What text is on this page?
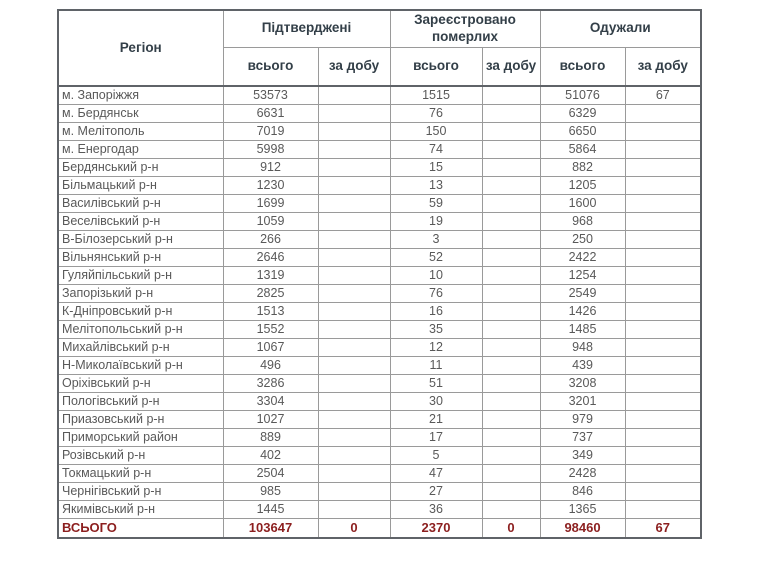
Регіон	Підтверджені		Зареєстровано померлих		Одужали	
	всього	за добу	всього	за добу	всього	за добу
м. Запоріжжя	53573		1515		51076	67
м. Бердянськ	6631		76		6329	
м. Мелітополь	7019		150		6650	
м. Енергодар	5998		74		5864	
Бердянський р-н	912		15		882	
Більмацький р-н	1230		13		1205	
Василівський р-н	1699		59		1600	
Веселівський р-н	1059		19		968	
В-Білозерський р-н	266		3		250	
Вільнянський р-н	2646		52		2422	
Гуляйпільський р-н	1319		10		1254	
Запорізький р-н	2825		76		2549	
К-Дніпровський р-н	1513		16		1426	
Мелітопольський р-н	1552		35		1485	
Михайлівський р-н	1067		12		948	
Н-Миколаївський р-н	496		11		439	
Оріхівський р-н	3286		51		3208	
Пологівський р-н	3304		30		3201	
Приазовський р-н	1027		21		979	
Приморський район	889		17		737	
Розівський р-н	402		5		349	
Токмацький р-н	2504		47		2428	
Чернігівський р-н	985		27		846	
Якимівський р-н	1445		36		1365	
ВСЬОГО	103647	0	2370	0	98460	67
